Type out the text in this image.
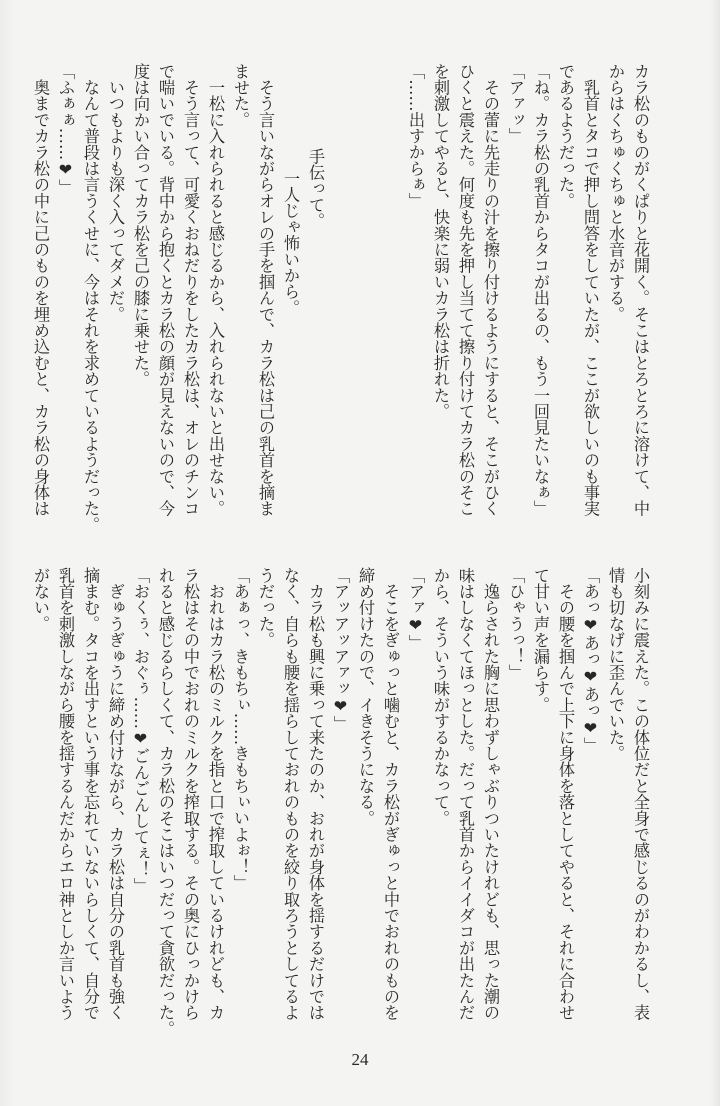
カラ松のものがくぱりと花開く。そこはとろとろに溶けて、中
からはくちゅくちゅと水音がする。
　乳首とタコで押し問答をしていたが、ここが欲しいのも事実
であるようだった。
「ね。カラ松の乳首からタコが出るの、もう一回見たいなぁ」
「アァッ」
　その蕾に先走りの汁を擦り付けるようにすると、そこがひく
ひくと震えた。何度も先を押し当てて擦り付けてカラ松のそこ
を刺激してやると、快楽に弱いカラ松は折れた。
「……出すからぁ」
手伝って。
一人じゃ怖いから。
　そう言いながらオレの手を掴んで、カラ松は己の乳首を摘ま
ませた。
　一松に入れられると感じるから、入れられないと出せない。
　そう言って、可愛くおねだりをしたカラ松は、オレのチンコ
で喘いでいる。背中から抱くとカラ松の顔が見えないので、今
度は向かい合ってカラ松を己の膝に乗せた。
　いつもよりも深く入ってダメだ。
　なんて普段は言うくせに、今はそれを求めているようだった。
「ふぁぁ……❤」
　奥までカラ松の中に己のものを埋め込むと、カラ松の身体は
小刻みに震えた。この体位だと全身で感じるのがわかるし、表
情も切なげに歪んでいた。
「あっ❤あっ❤あっ❤」
　その腰を掴んで上下に身体を落としてやると、それに合わせ
て甘い声を漏らす。
「ひゃうっ！」
　逸らされた胸に思わずしゃぶりついたけれども、思った潮の
味はしなくてほっとした。だって乳首からイイダコが出たんだ
から、そういう味がするかなって。
「アァ❤」
　そこをぎゅっと噛むと、カラ松がぎゅっと中でおれのものを
締め付けたので、イきそうになる。
「アッアッアァッ❤」
　カラ松も興に乗って来たのか、おれが身体を揺するだけでは
なく、自らも腰を揺らしておれのものを絞り取ろうとしてるよ
うだった。
「あぁっ、きもちぃ……きもちぃいよぉ！」
　おれはカラ松のミルクを指と口で搾取しているけれども、カ
ラ松はその中でおれのミルクを搾取する。その奥にひっかけら
れると感じるらしくて、カラ松のそこはいつだって貪欲だった。
「おくぅ、おぐぅ……❤ごんごんしてぇ！」
　ぎゅうぎゅうに締め付けながら、カラ松は自分の乳首も強く
摘まむ。タコを出すという事を忘れていないらしくて、自分で
乳首を刺激しながら腰を揺するんだからエロ神としか言いよう
がない。
24
